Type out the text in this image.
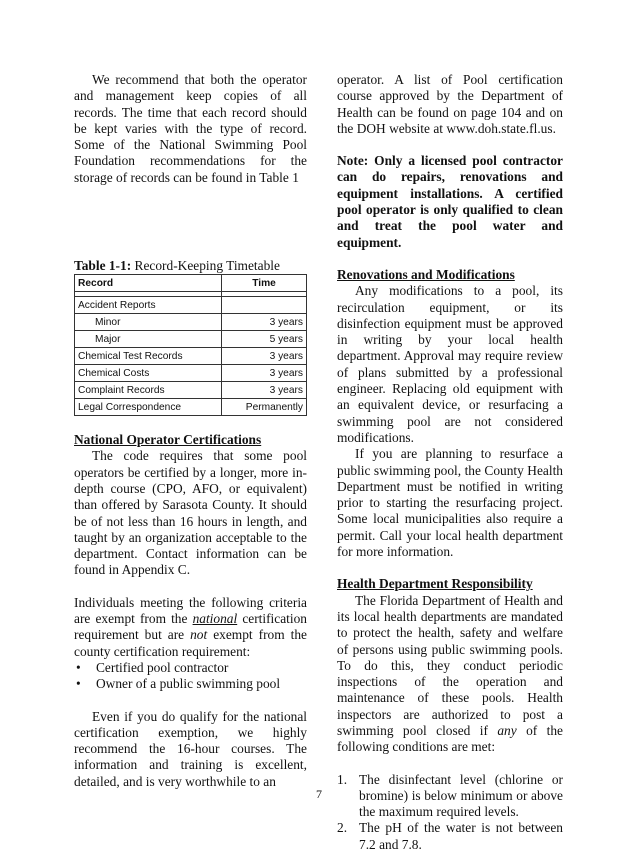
We recommend that both the operator and management keep copies of all records. The time that each record should be kept varies with the type of record. Some of the National Swimming Pool Foundation recommendations for the storage of records can be found in Table 1

Table 1-1: Record-Keeping Timetable

Record	Time

Accident Reports	
Minor	3 years
Major	5 years
Chemical Test Records	3 years
Chemical Costs	3 years
Complaint Records	3 years
Legal Correspondence	Permanently
National Operator Certifications

The code requires that some pool operators be certified by a longer, more in-depth course (CPO, AFO, or equivalent) than offered by Sarasota County. It should be of not less than 16 hours in length, and taught by an organization acceptable to the department. Contact information can be found in Appendix C.

Individuals meeting the following criteria are exempt from the national certification requirement but are not exempt from the county certification requirement:

• Certified pool contractor
• Owner of a public swimming pool

Even if you do qualify for the national certification exemption, we highly recommend the 16-hour courses. The information and training is excellent, detailed, and is very worthwhile to an

operator. A list of Pool certification course approved by the Department of Health can be found on page 104 and on the DOH website at www.doh.state.fl.us.

Note: Only a licensed pool contractor can do repairs, renovations and equipment installations. A certified pool operator is only qualified to clean and treat the pool water and equipment.

Renovations and Modifications

Any modifications to a pool, its recirculation equipment, or its disinfection equipment must be approved in writing by your local health department. Approval may require review of plans submitted by a professional engineer. Replacing old equipment with an equivalent device, or resurfacing a swimming pool are not considered modifications.

If you are planning to resurface a public swimming pool, the County Health Department must be notified in writing prior to starting the resurfacing project. Some local municipalities also require a permit. Call your local health department for more information.

Health Department Responsibility

The Florida Department of Health and its local health departments are mandated to protect the health, safety and welfare of persons using public swimming pools. To do this, they conduct periodic inspections of the operation and maintenance of these pools. Health inspectors are authorized to post a swimming pool closed if any of the following conditions are met:

1. The disinfectant level (chlorine or bromine) is below minimum or above the maximum required levels.
2. The pH of the water is not between 7.2 and 7.8.
7
